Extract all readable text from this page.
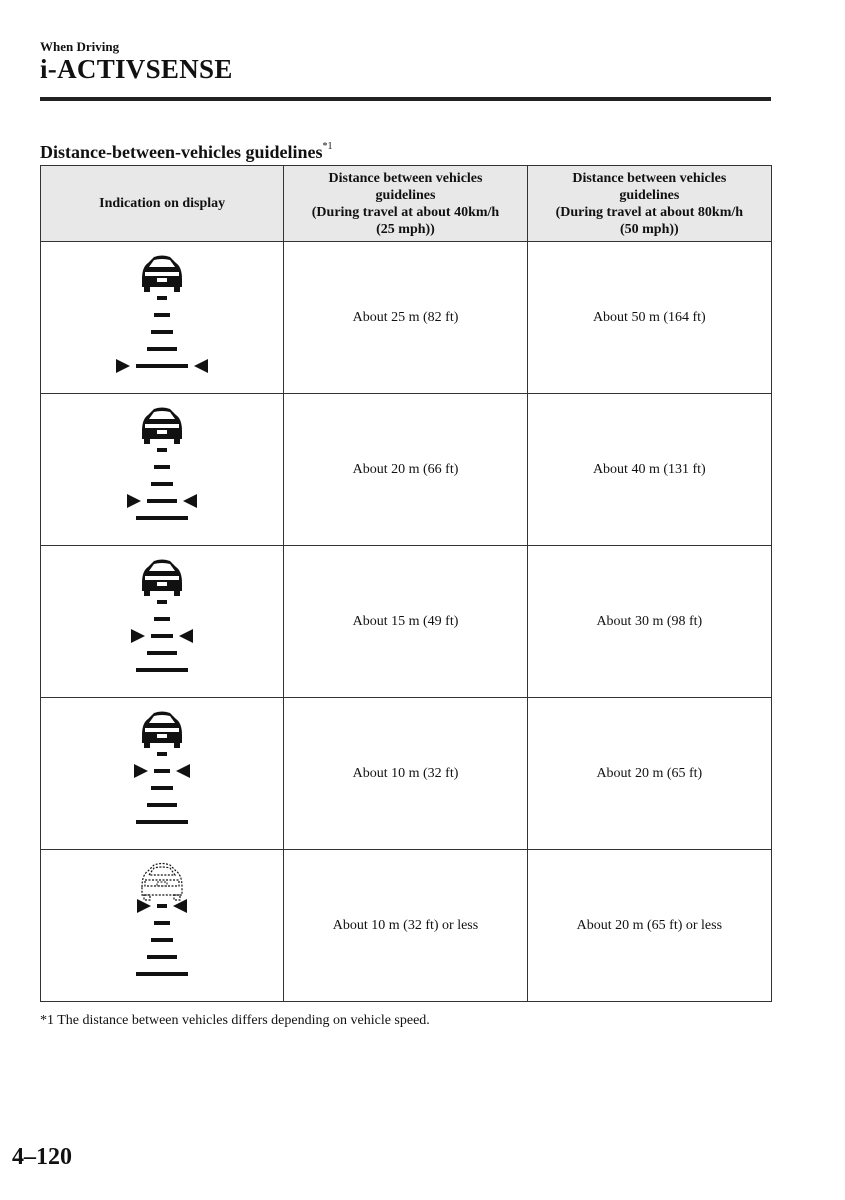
When Driving
i-ACTIVSENSE
Distance-between-vehicles guidelines$^{*1}$
Indication on display	Distance between vehicles
guidelines
(During travel at about 40km/h
(25 mph))	Distance between vehicles
guidelines
(During travel at about 80km/h
(50 mph))

	About 25 m (82 ft)	About 50 m (164 ft)

	About 20 m (66 ft)	About 40 m (131 ft)

	About 15 m (49 ft)	About 30 m (98 ft)

	About 10 m (32 ft)	About 20 m (65 ft)

	About 10 m (32 ft) or less	About 20 m (65 ft) or less
*1 The distance between vehicles differs depending on vehicle speed.
4–120
